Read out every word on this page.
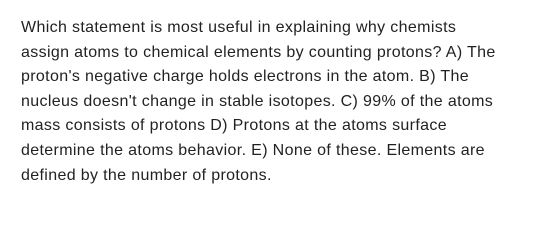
Which statement is most useful in explaining why chemists
assign atoms to chemical elements by counting protons? A) The
proton's negative charge holds electrons in the atom. B) The
nucleus doesn't change in stable isotopes. C) 99% of the atoms
mass consists of protons D) Protons at the atoms surface
determine the atoms behavior. E) None of these. Elements are
defined by the number of protons.
